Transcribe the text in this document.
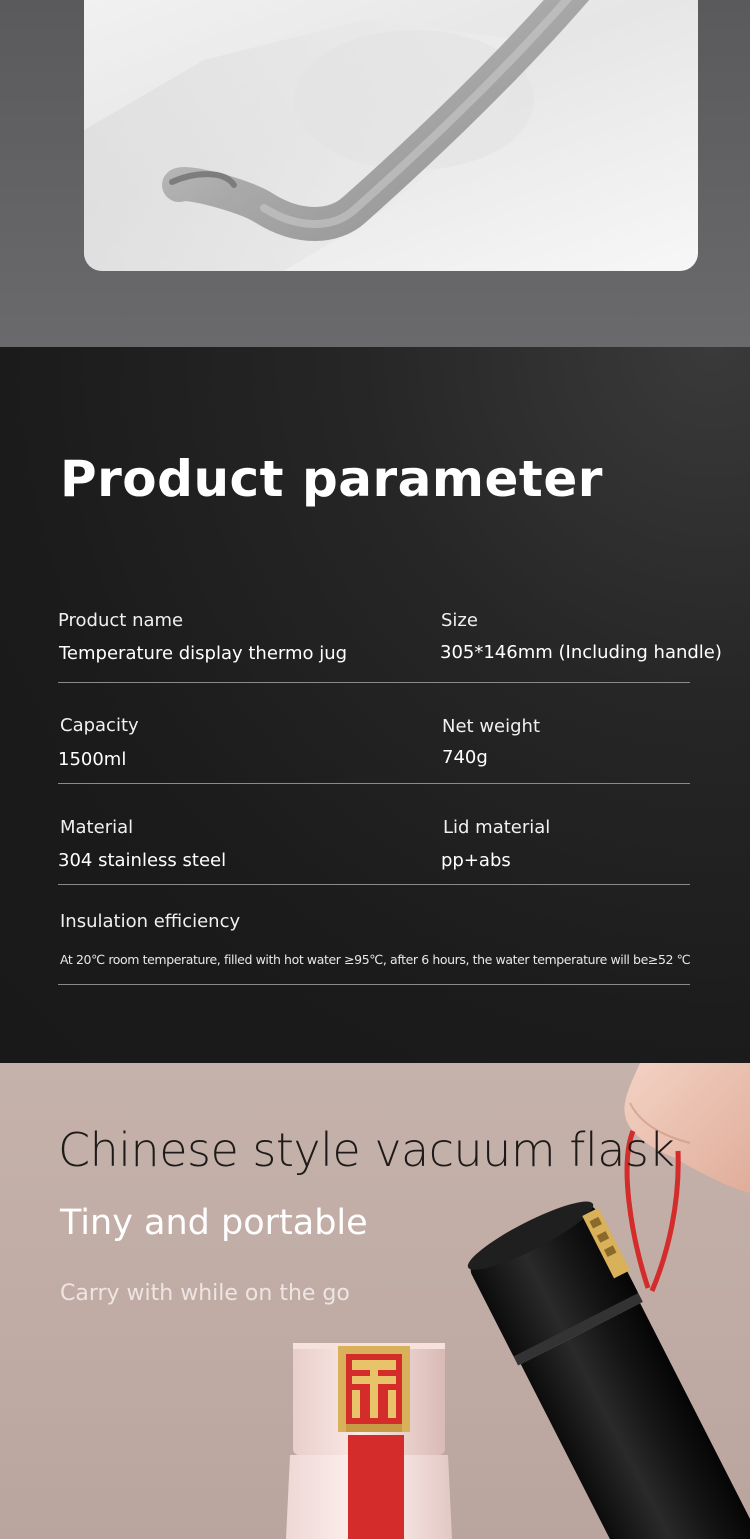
Product parameter
Product name
Temperature display thermo jug
Size
305*146mm (Including handle)
Capacity
1500ml
Net weight
740g
Material
304 stainless steel
Lid material
pp+abs
Insulation efficiency
At 20℃ room temperature, filled with hot water ≥95℃, after 6 hours, the water temperature will be≥52 ℃
Chinese style vacuum flask
Tiny and portable
Carry with while on the go
